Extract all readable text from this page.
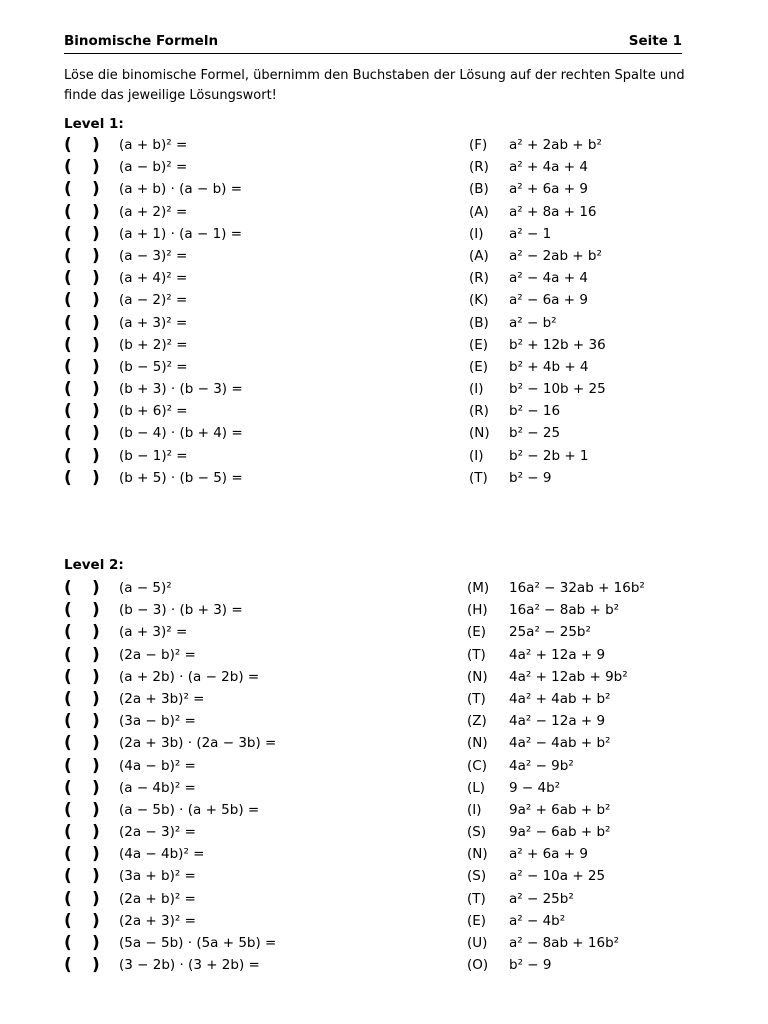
Binomische Formeln	Seite 1
Löse die binomische Formel, übernimm den Buchstaben der Lösung auf der rechten Spalte und finde das jeweilige Lösungswort!
Level 1:
( ) (a + b)² =	(F) a² + 2ab + b²
( ) (a − b)² =	(R) a² + 4a + 4
( ) (a + b) · (a − b) =	(B) a² + 6a + 9
( ) (a + 2)² =	(A) a² + 8a + 16
( ) (a + 1) · (a − 1) =	(I) a² − 1
( ) (a − 3)² =	(A) a² − 2ab + b²
( ) (a + 4)² =	(R) a² − 4a + 4
( ) (a − 2)² =	(K) a² − 6a + 9
( ) (a + 3)² =	(B) a² − b²
( ) (b + 2)² =	(E) b² + 12b + 36
( ) (b − 5)² =	(E) b² + 4b + 4
( ) (b + 3) · (b − 3) =	(I) b² − 10b + 25
( ) (b + 6)² =	(R) b² − 16
( ) (b − 4) · (b + 4) =	(N) b² − 25
( ) (b − 1)² =	(I) b² − 2b + 1
( ) (b + 5) · (b − 5) =	(T) b² − 9
Level 2:
( ) (a − 5)²	(M) 16a² − 32ab + 16b²
( ) (b − 3) · (b + 3) =	(H) 16a² − 8ab + b²
( ) (a + 3)² =	(E) 25a² − 25b²
( ) (2a − b)² =	(T) 4a² + 12a + 9
( ) (a + 2b) · (a − 2b) =	(N) 4a² + 12ab + 9b²
( ) (2a + 3b)² =	(T) 4a² + 4ab + b²
( ) (3a − b)² =	(Z) 4a² − 12a + 9
( ) (2a + 3b) · (2a − 3b) =	(N) 4a² − 4ab + b²
( ) (4a − b)² =	(C) 4a² − 9b²
( ) (a − 4b)² =	(L) 9 − 4b²
( ) (a − 5b) · (a + 5b) =	(I) 9a² + 6ab + b²
( ) (2a − 3)² =	(S) 9a² − 6ab + b²
( ) (4a − 4b)² =	(N) a² + 6a + 9
( ) (3a + b)² =	(S) a² − 10a + 25
( ) (2a + b)² =	(T) a² − 25b²
( ) (2a + 3)² =	(E) a² − 4b²
( ) (5a − 5b) · (5a + 5b) =	(U) a² − 8ab + 16b²
( ) (3 − 2b) · (3 + 2b) =	(O) b² − 9
